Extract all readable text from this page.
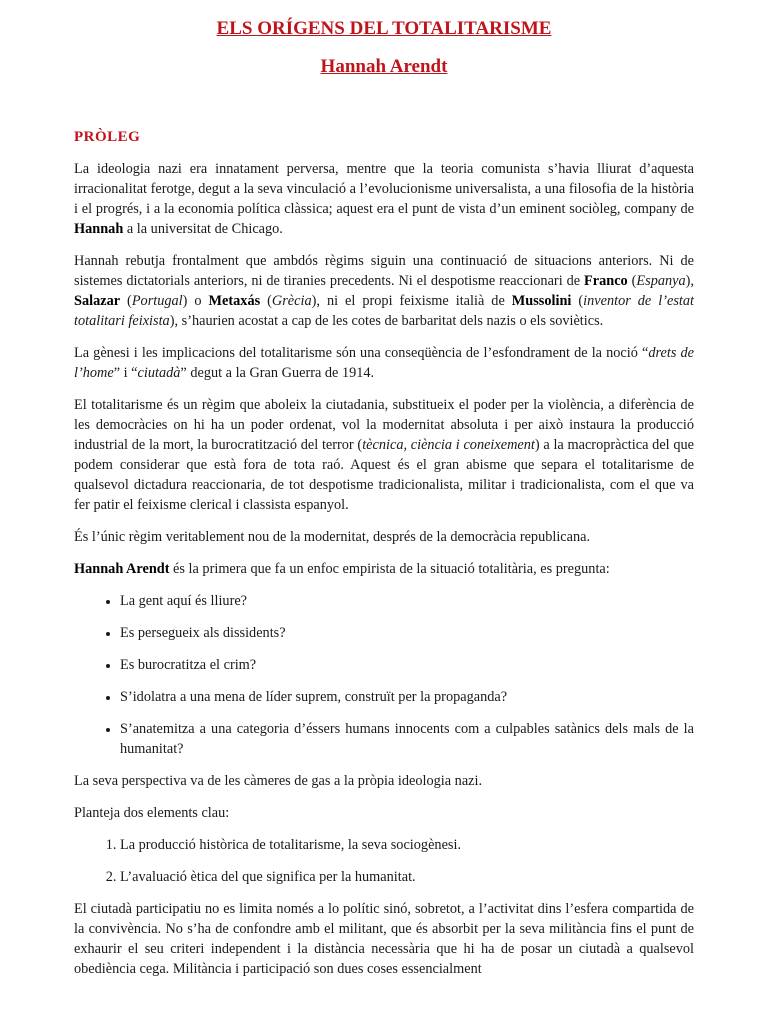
ELS ORÍGENS DEL TOTALITARISME
Hannah Arendt
PRÒLEG

La ideologia nazi era innatament perversa, mentre que la teoria comunista s’havia lliurat d’aquesta irracionalitat ferotge, degut a la seva vinculació a l’evolucionisme universalista, a una filosofia de la història i el progrés, i a la economia política clàssica; aquest era el punt de vista d’un eminent sociòleg, company de Hannah a la universitat de Chicago.

Hannah rebutja frontalment que ambdós règims siguin una continuació de situacions anteriors. Ni de sistemes dictatorials anteriors, ni de tiranies precedents. Ni el despotisme reaccionari de Franco (Espanya), Salazar (Portugal) o Metaxás (Grècia), ni el propi feixisme italià de Mussolini (inventor de l’estat totalitari feixista), s’haurien acostat a cap de les cotes de barbaritat dels nazis o els soviètics.

La gènesi i les implicacions del totalitarisme són una conseqüència de l’esfondrament de la noció “drets de l’home” i “ciutadà” degut a la Gran Guerra de 1914.

El totalitarisme és un règim que aboleix la ciutadania, substitueix el poder per la violència, a diferència de les democràcies on hi ha un poder ordenat, vol la modernitat absoluta i per això instaura la producció industrial de la mort, la burocratització del terror (tècnica, ciència i coneixement) a la macropràctica del que podem considerar que està fora de tota raó. Aquest és el gran abisme que separa el totalitarisme de qualsevol dictadura reaccionaria, de tot despotisme tradicionalista, militar i tradicionalista, com el que va fer patir el feixisme clerical i classista espanyol.

És l’únic règim veritablement nou de la modernitat, després de la democràcia republicana.

Hannah Arendt és la primera que fa un enfoc empirista de la situació totalitària, es pregunta:

• La gent aquí és lliure?
• Es persegueix als dissidents?
• Es burocratitza el crim?
• S’idolatra a una mena de líder suprem, construït per la propaganda?
• S’anatemitza a una categoria d’éssers humans innocents com a culpables satànics dels mals de la humanitat?

La seva perspectiva va de les càmeres de gas a la pròpia ideologia nazi.

Planteja dos elements clau:

1. La producció històrica de totalitarisme, la seva sociogènesi.
2. L’avaluació ètica del que significa per la humanitat.

El ciutadà participatiu no es limita només a lo polític sinó, sobretot, a l’activitat dins l’esfera compartida de la convivència. No s’ha de confondre amb el militant, que és absorbit per la seva militància fins el punt de exhaurir el seu criteri independent i la distància necessària que hi ha de posar un ciutadà a qualsevol obediència cega. Militància i participació son dues coses essencialment
